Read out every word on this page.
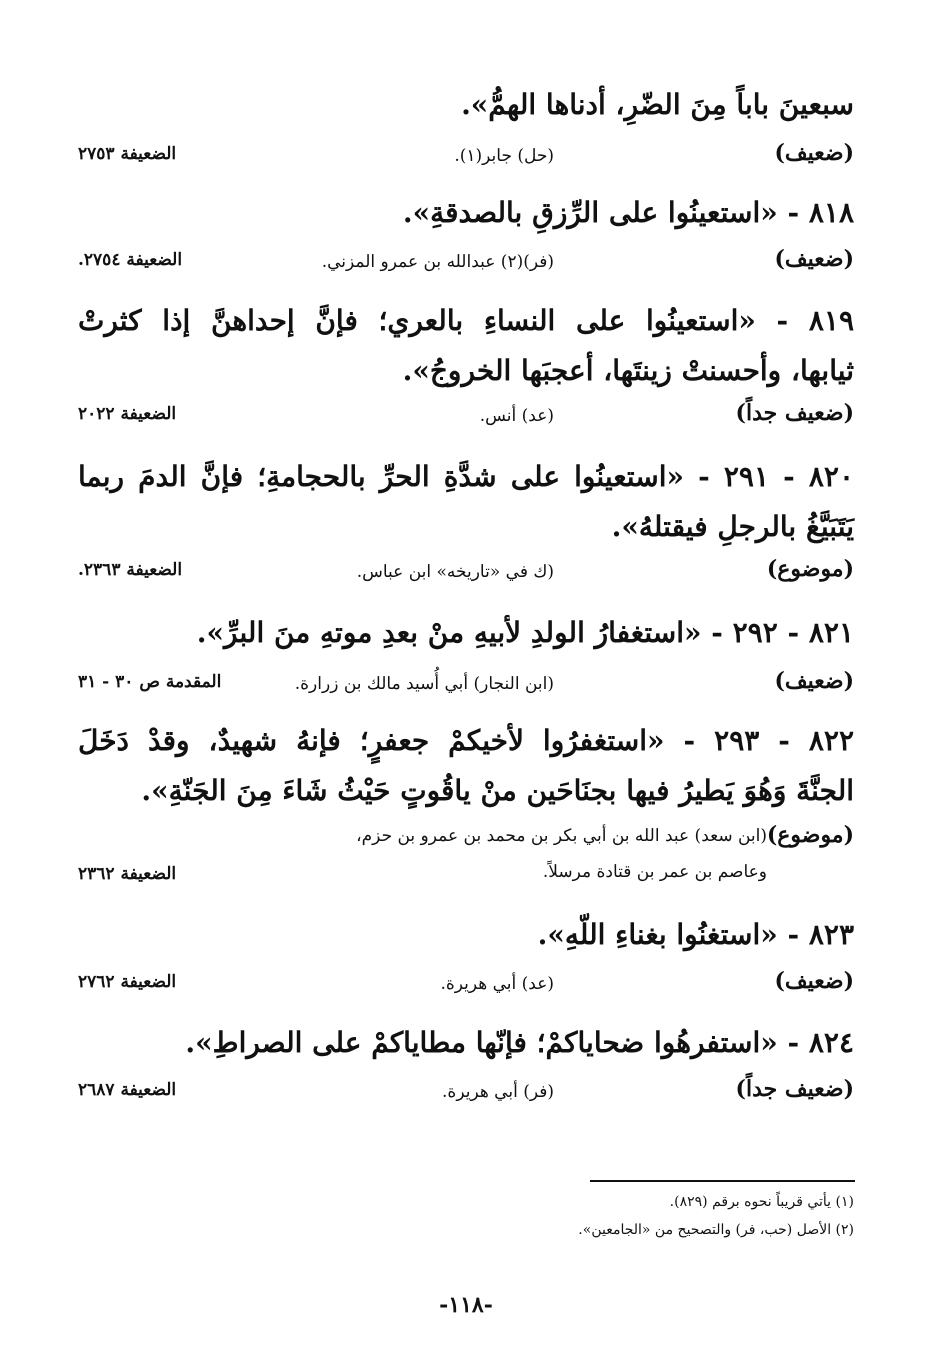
سبعينَ باباً مِنَ الضّرِ، أدناها الهمُّ».
(ضعيف)
(حل) جابر(١).
الضعيفة ٢٧٥٣
٨١٨ - «استعينُوا على الرِّزقِ بالصدقةِ».
(ضعيف)
(فر)(٢) عبدالله بن عمرو المزني.
الضعيفة ٢٧٥٤.
٨١٩ - «استعينُوا على النساءِ بالعري؛ فإنَّ إحداهنَّ إذا كثرتْ
ثيابها، وأحسنتْ زينتَها، أعجبَها الخروجُ».
(ضعيف جداً)
(عد) أنس.
الضعيفة ٢٠٢٢
٨٢٠ - ٢٩١ - «استعينُوا على شدَّةِ الحرِّ بالحجامةِ؛ فإنَّ الدمَ ربما
يَتَبَيَّغُ بالرجلِ فيقتلهُ».
(موضوع)
(ك في «تاريخه» ابن عباس.
الضعيفة ٢٣٦٣.
٨٢١ - ٢٩٢ - «استغفارُ الولدِ لأبيهِ منْ بعدِ موتهِ منَ البرِّ».
(ضعيف)
(ابن النجار) أبي أُسيد مالك بن زرارة.
المقدمة ص ٣٠ - ٣١
٨٢٢ - ٢٩٣ - «استغفرُوا لأخيكمْ جعفرٍ؛ فإنهُ شهيدٌ، وقدْ دَخَلَ
الجنَّةَ وَهُوَ يَطيرُ فيها بجنَاحَين منْ ياقُوتٍ حَيْثُ شَاءَ مِنَ الجَنّةِ».
(موضوع)
الضعيفة ٢٣٦٢
(ابن سعد) عبد الله بن أبي بكر بن محمد بن عمرو بن حزم،
وعاصم بن عمر بن قتادة مرسلاً.
٨٢٣ - «استغنُوا بغناءِ اللّهِ».
(ضعيف)
(عد) أبي هريرة.
الضعيفة ٢٧٦٢
٨٢٤ - «استفرهُوا ضحاياكمْ؛ فإنّها مطاياكمْ على الصراطِ».
(ضعيف جداً)
(فر) أبي هريرة.
الضعيفة ٢٦٨٧
(١) يأتي قريباً نحوه برقم (٨٢٩).
(٢) الأصل (حب، فر) والتصحيح من «الجامعين».
-١١٨-
